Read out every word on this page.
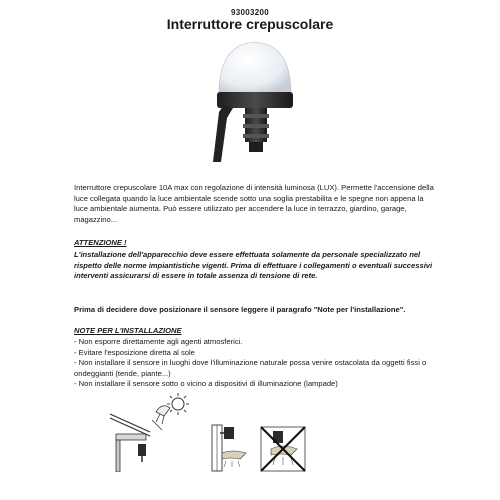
93003200
Interruttore crepuscolare

Interruttore crepuscolare 10A max con regolazione di intensità luminosa (LUX). Permette l'accensione della luce collegata quando la luce ambientale scende sotto una soglia prestabilita e le spegne non appena la luce ambientale aumenta. Può essere utilizzato per accendere la luce in terrazzo, giardino, garage, magazzino...

ATTENZIONE !

L'installazione dell'apparecchio deve essere effettuata solamente da personale specializzato nel rispetto delle norme impiantistiche vigenti. Prima di effettuare i collegamenti o eventuali successivi interventi assicurarsi di essere in totale assenza di tensione di rete.

Prima di decidere dove posizionare il sensore leggere il paragrafo "Note per l'installazione".

NOTE PER L'INSTALLAZIONE
- Non esporre direttamente agli agenti atmosferici.
- Evitare l'esposizione diretta al sole
- Non installare il sensore in luoghi dove l'illuminazione naturale possa venire ostacolata da oggetti fissi o ondeggianti (tende, piante...)
- Non installare il sensore sotto o vicino a dispositivi di illuminazione (lampade)
